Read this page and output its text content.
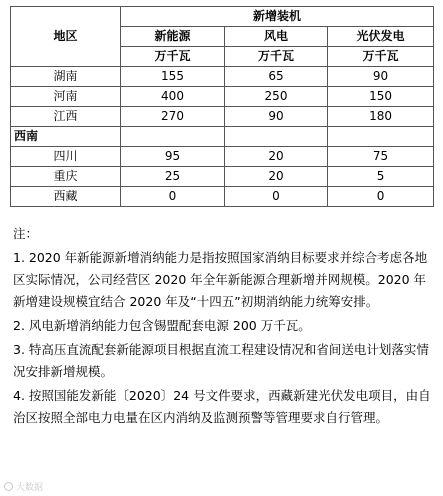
地区	新增装机		
	新能源	风电	光伏发电
	万千瓦	万千瓦	万千瓦
湖南	155	65	90
河南	400	250	150
江西	270	90	180
西南			
四川	95	20	75
重庆	25	20	5
西藏	0	0	0

注：

1. 2020 年新能源新增消纳能力是指按照国家消纳目标要求并综合考虑各地区实际情况，公司经营区 2020 年全年新能源合理新增并网规模。2020 年新增建设规模宜结合 2020 年及“十四五”初期消纳能力统筹安排。

2. 风电新增消纳能力包含锡盟配套电源 200 万千瓦。

3. 特高压直流配套新能源项目根据直流工程建设情况和省间送电计划落实情况安排新增规模。

4. 按照国能发新能〔2020〕24 号文件要求，西藏新建光伏发电项目，由自治区按照全部电力电量在区内消纳及监测预警等管理要求自行管理。

大数据
